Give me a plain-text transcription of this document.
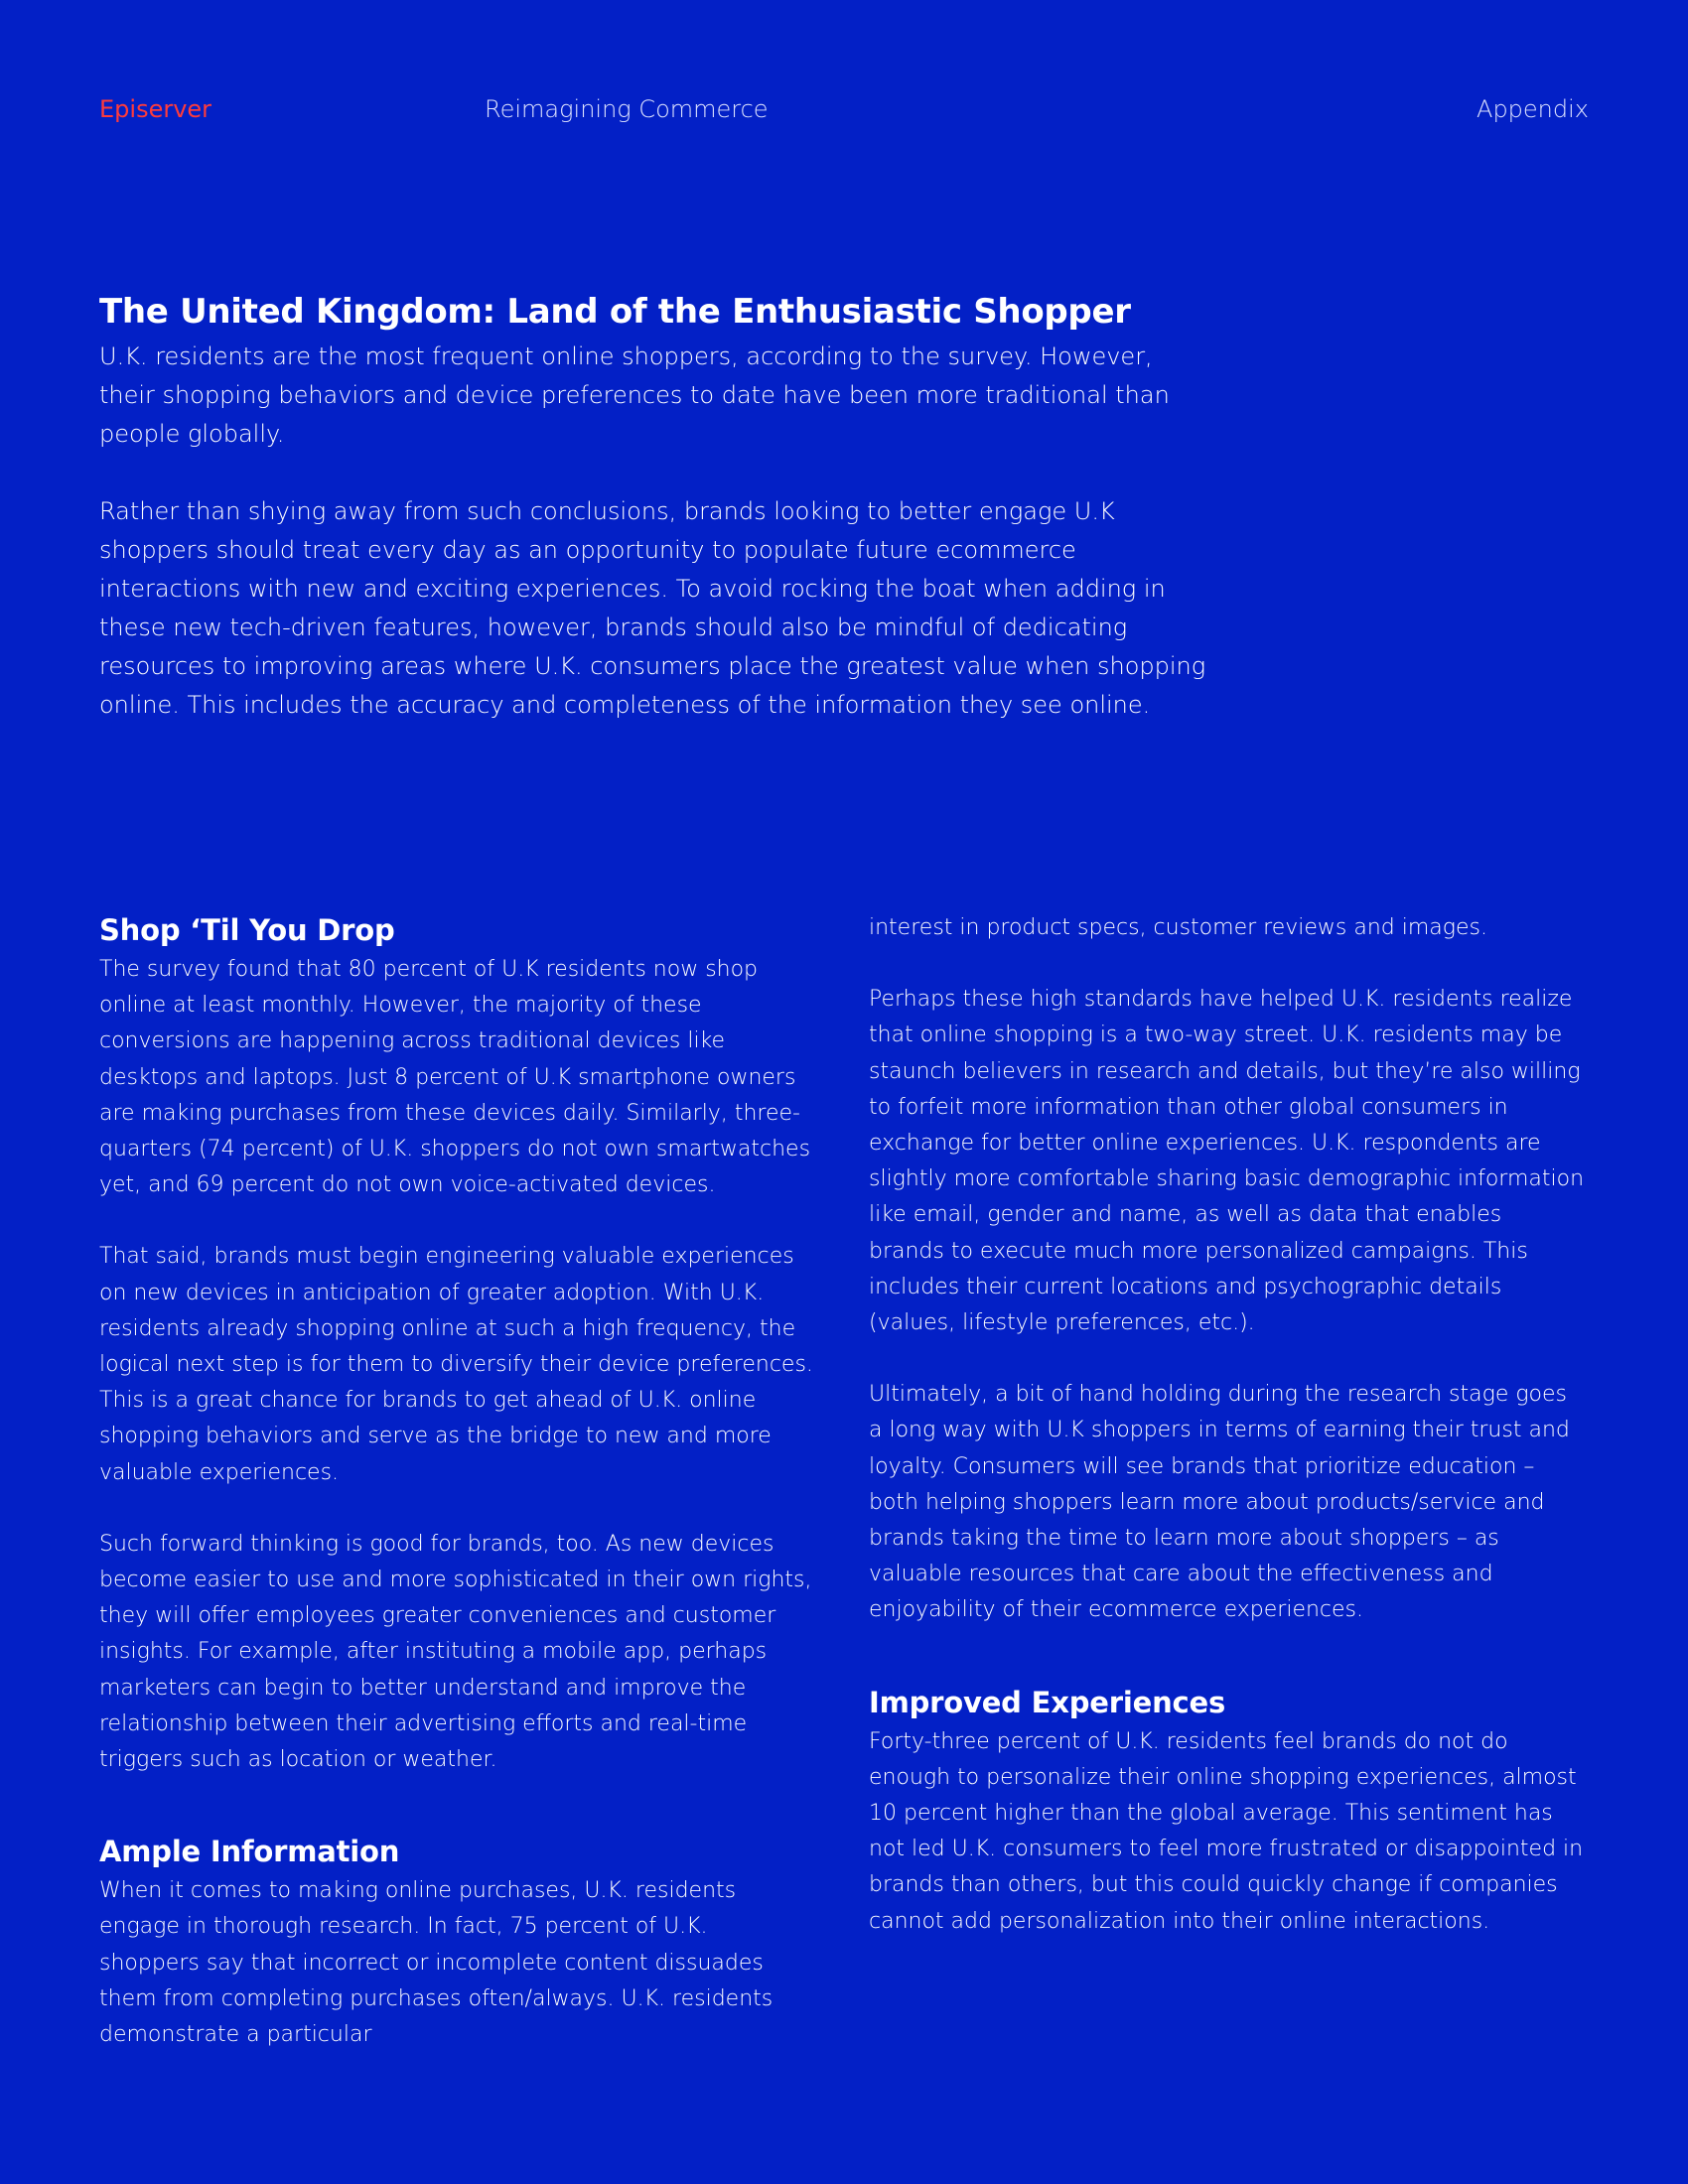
Episerver	Reimagining Commerce	Appendix
The United Kingdom: Land of the Enthusiastic Shopper

U.K. residents are the most frequent online shoppers, according to the survey. However, their shopping behaviors and device preferences to date have been more traditional than people globally.

Rather than shying away from such conclusions, brands looking to better engage U.K shoppers should treat every day as an opportunity to populate future ecommerce interactions with new and exciting experiences. To avoid rocking the boat when adding in these new tech-driven features, however, brands should also be mindful of dedicating resources to improving areas where U.K. consumers place the greatest value when shopping online. This includes the accuracy and completeness of the information they see online.

Shop ‘Til You Drop

The survey found that 80 percent of U.K residents now shop online at least monthly. However, the majority of these conversions are happening across traditional devices like desktops and laptops. Just 8 percent of U.K smartphone owners are making purchases from these devices daily. Similarly, three-quarters (74 percent) of U.K. shoppers do not own smartwatches yet, and 69 percent do not own voice-activated devices.

That said, brands must begin engineering valuable experiences on new devices in anticipation of greater adoption. With U.K. residents already shopping online at such a high frequency, the logical next step is for them to diversify their device preferences. This is a great chance for brands to get ahead of U.K. online shopping behaviors and serve as the bridge to new and more valuable experiences.

Such forward thinking is good for brands, too. As new devices become easier to use and more sophisticated in their own rights, they will offer employees greater conveniences and customer insights. For example, after instituting a mobile app, perhaps marketers can begin to better understand and improve the relationship between their advertising efforts and real-time triggers such as location or weather.

Ample Information

When it comes to making online purchases, U.K. residents engage in thorough research. In fact, 75 percent of U.K. shoppers say that incorrect or incomplete content dissuades them from completing purchases often/always. U.K. residents demonstrate a particular

interest in product specs, customer reviews and images.

Perhaps these high standards have helped U.K. residents realize that online shopping is a two-way street. U.K. residents may be staunch believers in research and details, but they’re also willing to forfeit more information than other global consumers in exchange for better online experiences. U.K. respondents are slightly more comfortable sharing basic demographic information like email, gender and name, as well as data that enables brands to execute much more personalized campaigns. This includes their current locations and psychographic details (values, lifestyle preferences, etc.).

Ultimately, a bit of hand holding during the research stage goes a long way with U.K shoppers in terms of earning their trust and loyalty. Consumers will see brands that prioritize education – both helping shoppers learn more about products/service and brands taking the time to learn more about shoppers – as valuable resources that care about the effectiveness and enjoyability of their ecommerce experiences.

Improved Experiences

Forty-three percent of U.K. residents feel brands do not do enough to personalize their online shopping experiences, almost 10 percent higher than the global average. This sentiment has not led U.K. consumers to feel more frustrated or disappointed in brands than others, but this could quickly change if companies cannot add personalization into their online interactions.
